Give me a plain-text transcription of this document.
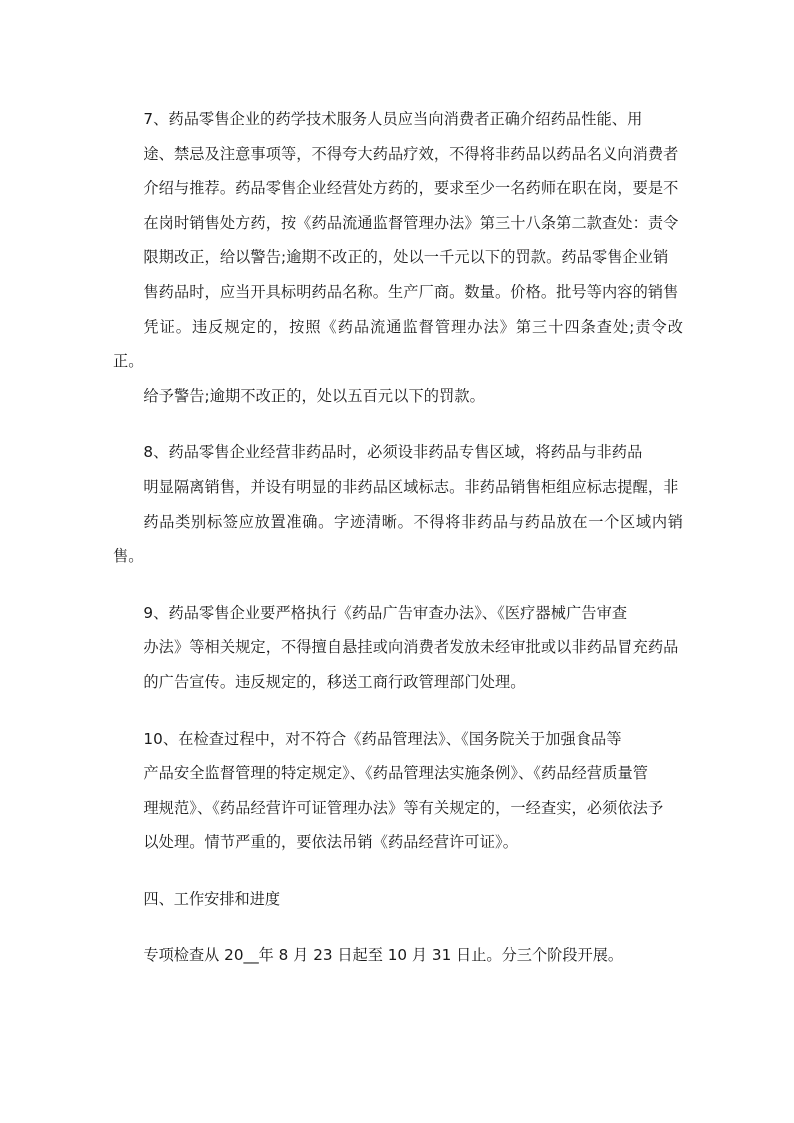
7、药品零售企业的药学技术服务人员应当向消费者正确介绍药品性能、用
途、禁忌及注意事项等，不得夸大药品疗效，不得将非药品以药品名义向消费者
介绍与推荐。药品零售企业经营处方药的，要求至少一名药师在职在岗，要是不
在岗时销售处方药，按《药品流通监督管理办法》第三十八条第二款查处：责令
限期改正，给以警告;逾期不改正的，处以一千元以下的罚款。药品零售企业销
售药品时，应当开具标明药品名称。生产厂商。数量。价格。批号等内容的销售
凭证。违反规定的，按照《药品流通监督管理办法》第三十四条查处;责令改正。
给予警告;逾期不改正的，处以五百元以下的罚款。

8、药品零售企业经营非药品时，必须设非药品专售区域，将药品与非药品
明显隔离销售，并设有明显的非药品区域标志。非药品销售柜组应标志提醒，非
药品类别标签应放置准确。字迹清晰。不得将非药品与药品放在一个区域内销售。

9、药品零售企业要严格执行《药品广告审查办法》、《医疗器械广告审查
办法》等相关规定，不得擅自悬挂或向消费者发放未经审批或以非药品冒充药品
的广告宣传。违反规定的，移送工商行政管理部门处理。

10、在检查过程中，对不符合《药品管理法》、《国务院关于加强食品等
产品安全监督管理的特定规定》、《药品管理法实施条例》、《药品经营质量管
理规范》、《药品经营许可证管理办法》等有关规定的，一经查实，必须依法予
以处理。情节严重的，要依法吊销《药品经营许可证》。

四、工作安排和进度

专项检查从 20__年 8 月 23 日起至 10 月 31 日止。分三个阶段开展。
